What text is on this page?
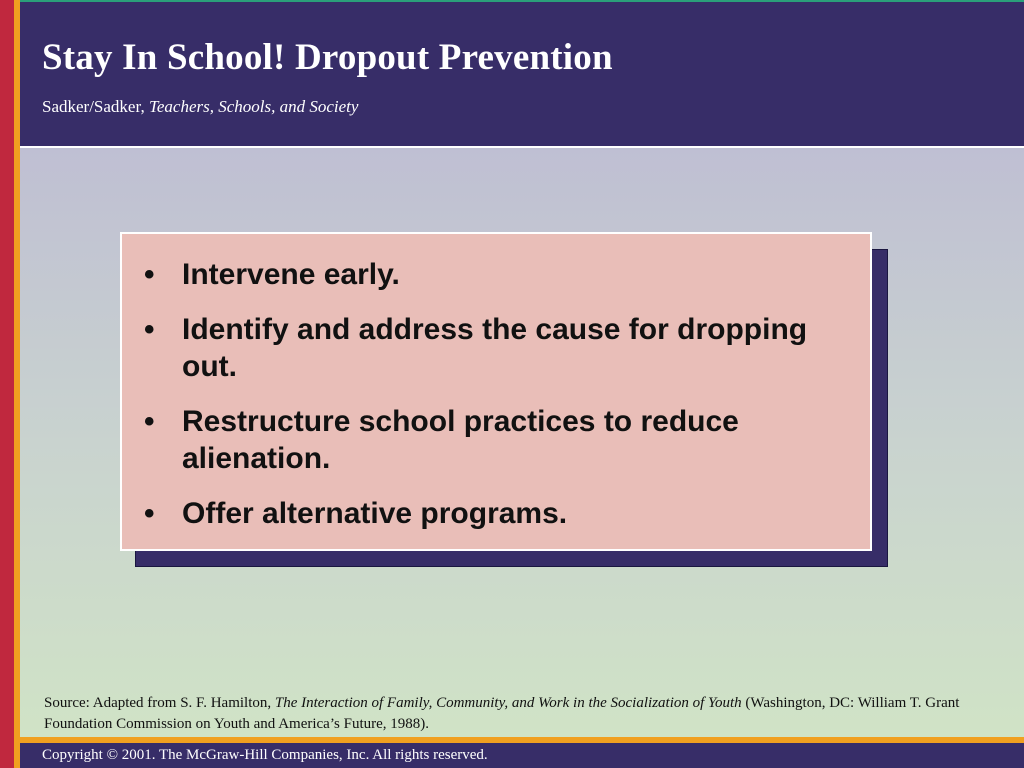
Stay In School! Dropout Prevention
Sadker/Sadker, Teachers, Schools, and Society
• Intervene early.
• Identify and address the cause for dropping out.
• Restructure school practices to reduce alienation.
• Offer alternative programs.
Source: Adapted from S. F. Hamilton, The Interaction of Family, Community, and Work in the Socialization of Youth (Washington, DC: William T. Grant Foundation Commission on Youth and America’s Future, 1988).
Copyright © 2001. The McGraw-Hill Companies, Inc. All rights reserved.
